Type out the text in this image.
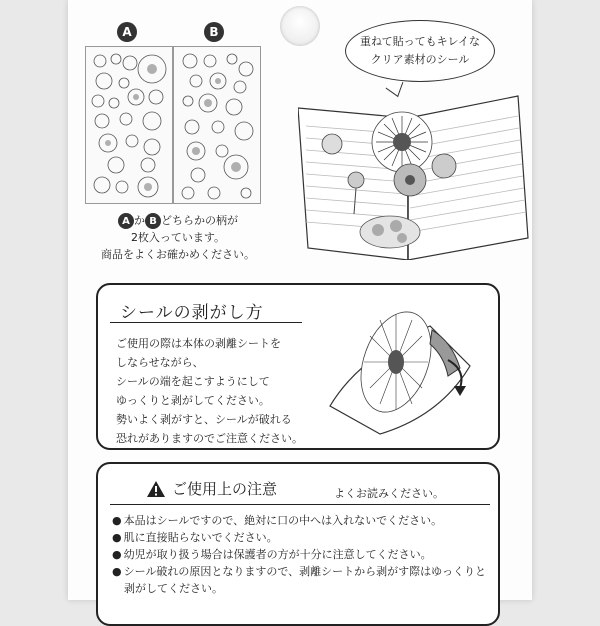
A	B
A か B どちらかの柄が
2枚入っています。
商品をよくお確かめください。
重ねて貼ってもキレイな
クリア素材のシール
シールの剥がし方
ご使用の際は本体の剥離シートを
しならせながら、
シールの端を起こすようにして
ゆっくりと剥がしてください。
勢いよく剥がすと、シールが破れる
恐れがありますのでご注意ください。
ご使用上の注意	よくお読みください。
● 本品はシールですので、絶対に口の中へは入れないでください。
● 肌に直接貼らないでください。
● 幼児が取り扱う場合は保護者の方が十分に注意してください。
● シール破れの原因となりますので、剥離シートから剥がす際はゆっくりと
剥がしてください。
